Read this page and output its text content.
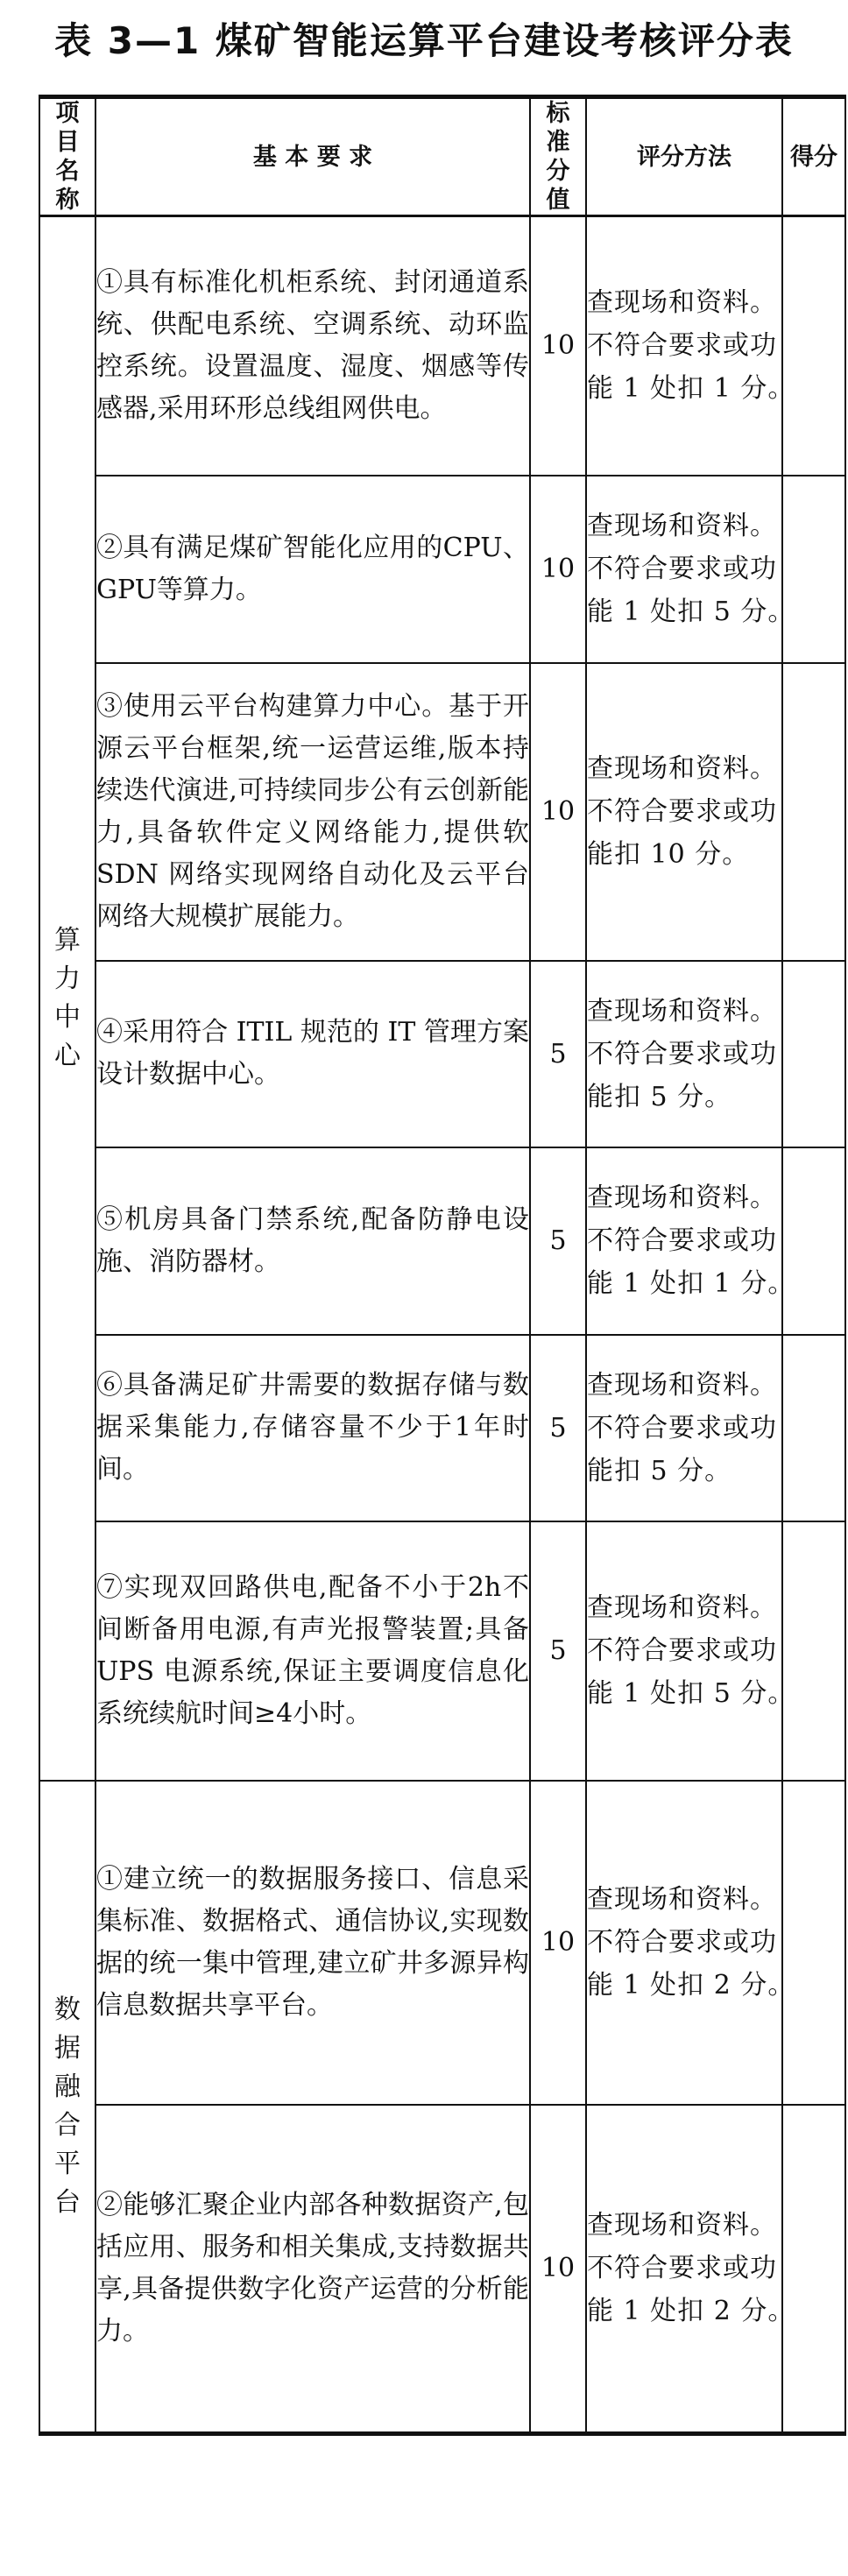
表 3—1 煤矿智能运算平台建设考核评分表
项目名称	基 本 要 求	标准分值	评分方法	得分
算力中心	①具有标准化机柜系统、封闭通道系统、供配电系统、空调系统、动环监控系统。设置温度、湿度、烟感等传感器,采用环形总线组网供电。	10	查现场和资料。
不符合要求或功
能 1 处扣 1 分。	

	②具有满足煤矿智能化应用的CPU、GPU等算力。	10	查现场和资料。
不符合要求或功
能 1 处扣 5 分。	

	③使用云平台构建算力中心。基于开源云平台框架,统一运营运维,版本持续迭代演进,可持续同步公有云创新能力,具备软件定义网络能力,提供软 SDN 网络实现网络自动化及云平台网络大规模扩展能力。	10	查现场和资料。
不符合要求或功
能扣 10 分。	

	④采用符合 ITIL 规范的 IT 管理方案设计数据中心。	5	查现场和资料。
不符合要求或功
能扣 5 分。	

	⑤机房具备门禁系统,配备防静电设施、消防器材。	5	查现场和资料。
不符合要求或功
能 1 处扣 1 分。	

	⑥具备满足矿井需要的数据存储与数据采集能力,存储容量不少于1年时间。	5	查现场和资料。
不符合要求或功
能扣 5 分。	

	⑦实现双回路供电,配备不小于2h不间断备用电源,有声光报警装置;具备 UPS 电源系统,保证主要调度信息化系统续航时间≥4小时。	5	查现场和资料。
不符合要求或功
能 1 处扣 5 分。	

数据融合平台	①建立统一的数据服务接口、信息采集标准、数据格式、通信协议,实现数据的统一集中管理,建立矿井多源异构信息数据共享平台。	10	查现场和资料。
不符合要求或功
能 1 处扣 2 分。	

	②能够汇聚企业内部各种数据资产,包括应用、服务和相关集成,支持数据共享,具备提供数字化资产运营的分析能力。	10	查现场和资料。
不符合要求或功
能 1 处扣 2 分。	
